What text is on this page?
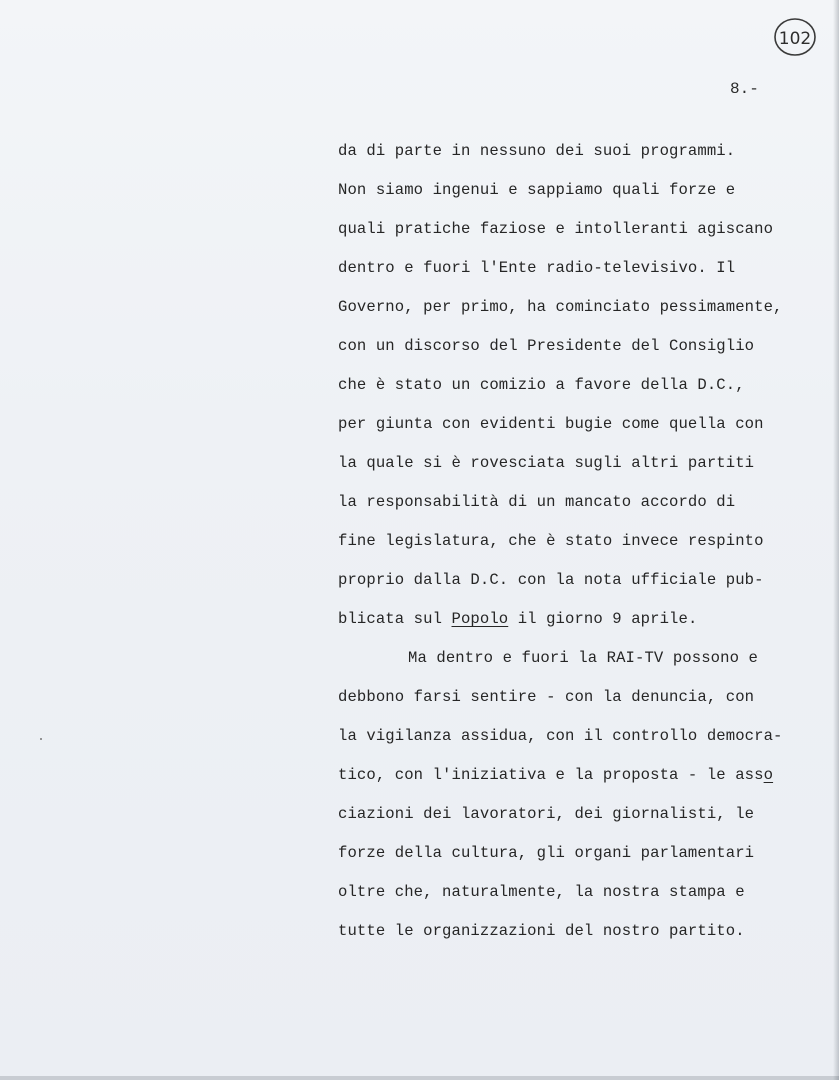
102
8.-
da di parte in nessuno dei suoi programmi.
Non siamo ingenui e sappiamo quali forze e
quali pratiche faziose e intolleranti agiscano
dentro e fuori l'Ente radio-televisivo. Il
Governo, per primo, ha cominciato pessimamente,
con un discorso del Presidente del Consiglio
che è stato un comizio a favore della D.C.,
per giunta con evidenti bugie come quella con
la quale si è rovesciata sugli altri partiti
la responsabilità di un mancato accordo di
fine legislatura, che è stato invece respinto
proprio dalla D.C. con la nota ufficiale pub-
blicata sul Popolo il giorno 9 aprile.
Ma dentro e fuori la RAI-TV possono e
debbono farsi sentire - con la denuncia, con
la vigilanza assidua, con il controllo democra-
tico, con l'iniziativa e la proposta - le asso
ciazioni dei lavoratori, dei giornalisti, le
forze della cultura, gli organi parlamentari
oltre che, naturalmente, la nostra stampa e
tutte le organizzazioni del nostro partito.
